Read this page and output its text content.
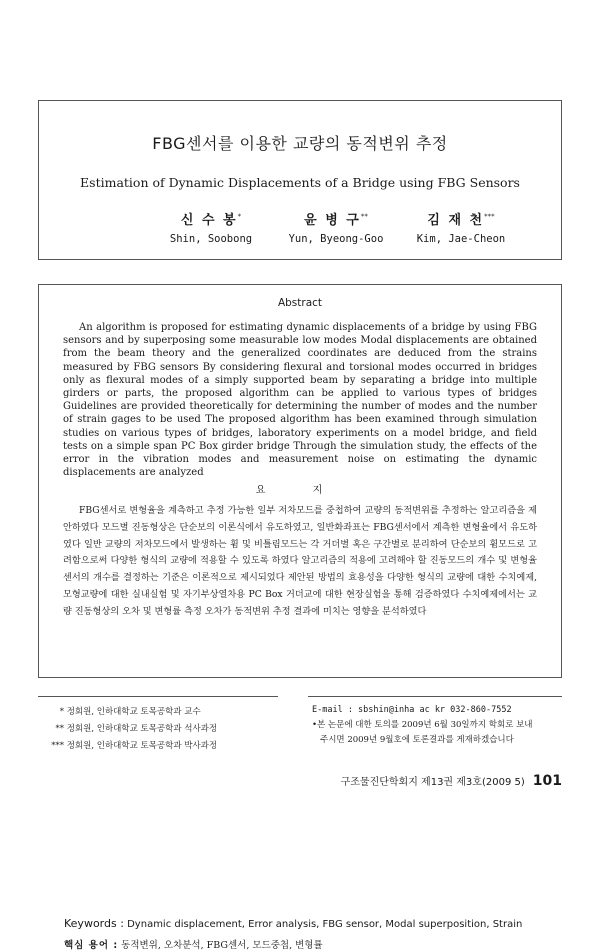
FBG센서를 이용한 교량의 동적변위 추정
Estimation of Dynamic Displacements of a Bridge using FBG Sensors
신 수 봉*	윤 병 구**	김 재 천***
Shin, Soobong	Yun, Byeong-Goo	Kim, Jae-Cheon
Abstract
An algorithm is proposed for estimating dynamic displacements of a bridge by using FBG sensors and by superposing some measurable low modes Modal displacements are obtained from the beam theory and the generalized coordinates are deduced from the strains measured by FBG sensors By considering flexural and torsional modes occurred in bridges only as flexural modes of a simply supported beam by separating a bridge into multiple girders or parts, the proposed algorithm can be applied to various types of bridges Guidelines are provided theoretically for determining the number of modes and the number of strain gages to be used The proposed algorithm has been examined through simulation studies on various types of bridges, laboratory experiments on a model bridge, and field tests on a simple span PC Box girder bridge Through the simulation study, the effects of the error in the vibration modes and measurement noise on estimating the dynamic displacements are analyzed
요 지
FBG센서로 변형율을 계측하고 추정 가능한 일부 저차모드를 중첩하여 교량의 동적변위를 추정하는 알고리즘을 제안하였다 모드별 진동형상은 단순보의 이론식에서 유도하였고, 일반화좌표는 FBG센서에서 계측한 변형율에서 유도하였다 일반 교량의 저차모드에서 발생하는 휨 및 비틀림모드는 각 거더별 혹은 구간별로 분리하여 단순보의 휨모드로 고려함으로써 다양한 형식의 교량에 적용할 수 있도록 하였다 알고리즘의 적용에 고려해야 할 진동모드의 개수 및 변형율 센서의 개수를 결정하는 기준은 이론적으로 제시되었다 제안된 방법의 효용성을 다양한 형식의 교량에 대한 수치예제, 모형교량에 대한 실내실험 및 자기부상열차용 PC Box 거더교에 대한 현장실험을 통해 검증하였다 수치예제에서는 교량 진동형상의 오차 및 변형률 측정 오차가 동적변위 추정 결과에 미치는 영향을 분석하였다
Keywords : Dynamic displacement, Error analysis, FBG sensor, Modal superposition, Strain
핵심 용어 : 동적변위, 오차분석, FBG센서, 모드중첩, 변형률
* 정회원, 인하대학교 토목공학과 교수
** 정회원, 인하대학교 토목공학과 석사과정
*** 정회원, 인하대학교 토목공학과 박사과정
E-mail : sbshin@inha ac kr 032-860-7552
•본 논문에 대한 토의를 2009년 6월 30일까지 학회로 보내
주시면 2009년 9월호에 토론결과를 게재하겠습니다
구조물진단학회지 제13권 제3호(2009 5) 101
